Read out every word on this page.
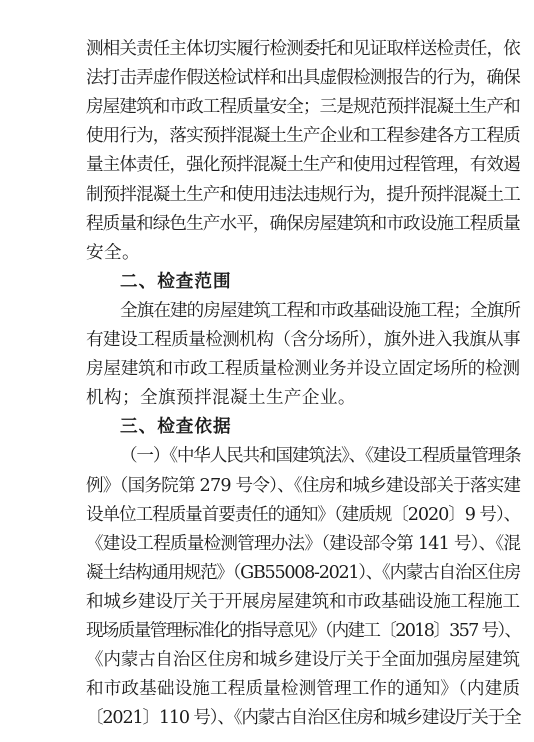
测相关责任主体切实履行检测委托和见证取样送检责任，依
法打击弄虚作假送检试样和出具虚假检测报告的行为，确保
房屋建筑和市政工程质量安全；三是规范预拌混凝土生产和
使用行为，落实预拌混凝土生产企业和工程参建各方工程质
量主体责任，强化预拌混凝土生产和使用过程管理，有效遏
制预拌混凝土生产和使用违法违规行为，提升预拌混凝土工
程质量和绿色生产水平，确保房屋建筑和市政设施工程质量
安全。
二、检查范围
全旗在建的房屋建筑工程和市政基础设施工程；全旗所
有建设工程质量检测机构（含分场所），旗外进入我旗从事
房屋建筑和市政工程质量检测业务并设立固定场所的检测
机构；全旗预拌混凝土生产企业。
三、检查依据
（一）《中华人民共和国建筑法》、《建设工程质量管理条
例》（国务院第 279 号令）、《住房和城乡建设部关于落实建
设单位工程质量首要责任的通知》（建质规〔2020〕9 号）、
《建设工程质量检测管理办法》（建设部令第 141 号）、《混
凝土结构通用规范》（GB55008-2021）、《内蒙古自治区住房
和城乡建设厅关于开展房屋建筑和市政基础设施工程施工
现场质量管理标准化的指导意见》（内建工〔2018〕357 号）、
《内蒙古自治区住房和城乡建设厅关于全面加强房屋建筑
和市政基础设施工程质量检测管理工作的通知》（内建质
〔2021〕110 号）、《内蒙古自治区住房和城乡建设厅关于全
